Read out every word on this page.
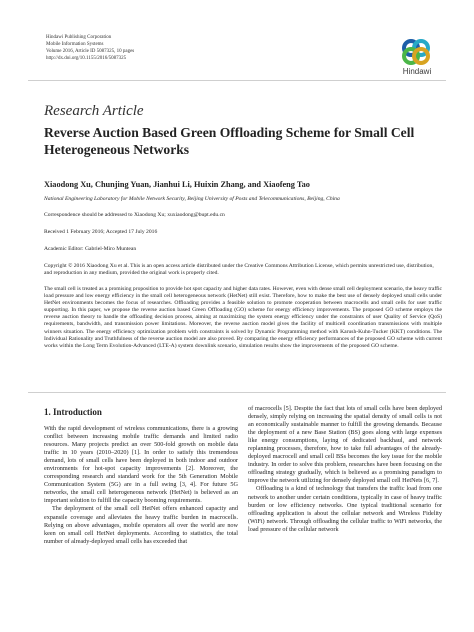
Hindawi Publishing Corporation
Mobile Information Systems
Volume 2016, Article ID 5087325, 10 pages
http://dx.doi.org/10.1155/2016/5087325
Hindawi
Research Article
Reverse Auction Based Green Offloading Scheme for Small Cell Heterogeneous Networks
Xiaodong Xu, Chunjing Yuan, Jianhui Li, Huixin Zhang, and Xiaofeng Tao
National Engineering Laboratory for Mobile Network Security, Beijing University of Posts and Telecommunications, Beijing, China
Correspondence should be addressed to Xiaodong Xu; xuxiaodong@bupt.edu.cn
Received 1 February 2016; Accepted 17 July 2016
Academic Editor: Gabriel-Miro Muntean
Copyright © 2016 Xiaodong Xu et al. This is an open access article distributed under the Creative Commons Attribution License, which permits unrestricted use, distribution, and reproduction in any medium, provided the original work is properly cited.
The small cell is treated as a promising proposition to provide hot spot capacity and higher data rates. However, even with dense small cell deployment scenario, the heavy traffic load pressure and low energy efficiency in the small cell heterogeneous network (HetNet) still exist. Therefore, how to make the best use of densely deployed small cells under HetNet environments becomes the focus of researches. Offloading provides a feasible solution to promote cooperation between macrocells and small cells for user traffic supporting. In this paper, we propose the reverse auction based Green Offloading (GO) scheme for energy efficiency improvements. The proposed GO scheme employs the reverse auction theory to handle the offloading decision process, aiming at maximizing the system energy efficiency under the constraints of user Quality of Service (QoS) requirements, bandwidth, and transmission power limitations. Moreover, the reverse auction model gives the facility of multicell coordination transmissions with multiple winners situation. The energy efficiency optimization problem with constraints is solved by Dynamic Programming method with Karush-Kuhn-Tucker (KKT) conditions. The Individual Rationality and Truthfulness of the reverse auction model are also proved. By comparing the energy efficiency performances of the proposed GO scheme with current works within the Long Term Evolution-Advanced (LTE-A) system downlink scenario, simulation results show the improvements of the proposed GO scheme.
1. Introduction

With the rapid development of wireless communications, there is a growing conflict between increasing mobile traffic demands and limited radio resources. Many projects predict an over 500-fold growth on mobile data traffic in 10 years (2010–2020) [1]. In order to satisfy this tremendous demand, lots of small cells have been deployed in both indoor and outdoor environments for hot-spot capacity improvements [2]. Moreover, the corresponding research and standard work for the 5th Generation Mobile Communication System (5G) are in a full swing [3, 4]. For future 5G networks, the small cell heterogeneous network (HetNet) is believed as an important solution to fulfill the capacity booming requirements.

The deployment of the small cell HetNet offers enhanced capacity and expansile coverage and alleviates the heavy traffic burden in macrocells. Relying on above advantages, mobile operators all over the world are now keen on small cell HetNet deployments. According to statistics, the total number of already-deployed small cells has exceeded that

of macrocells [5]. Despite the fact that lots of small cells have been deployed densely, simply relying on increasing the spatial density of small cells is not an economically sustainable manner to fulfill the growing demands. Because the deployment of a new Base Station (BS) goes along with large expenses like energy consumptions, laying of dedicated backhaul, and network replanning processes, therefore, how to take full advantages of the already-deployed macrocell and small cell BSs becomes the key issue for the mobile industry. In order to solve this problem, researches have been focusing on the offloading strategy gradually, which is believed as a promising paradigm to improve the network utilizing for densely deployed small cell HetNets [6, 7].

Offloading is a kind of technology that transfers the traffic load from one network to another under certain conditions, typically in case of heavy traffic burden or low efficiency networks. One typical traditional scenario for offloading application is about the cellular network and Wireless Fidelity (WiFi) network. Through offloading the cellular traffic to WiFi networks, the load pressure of the cellular network
